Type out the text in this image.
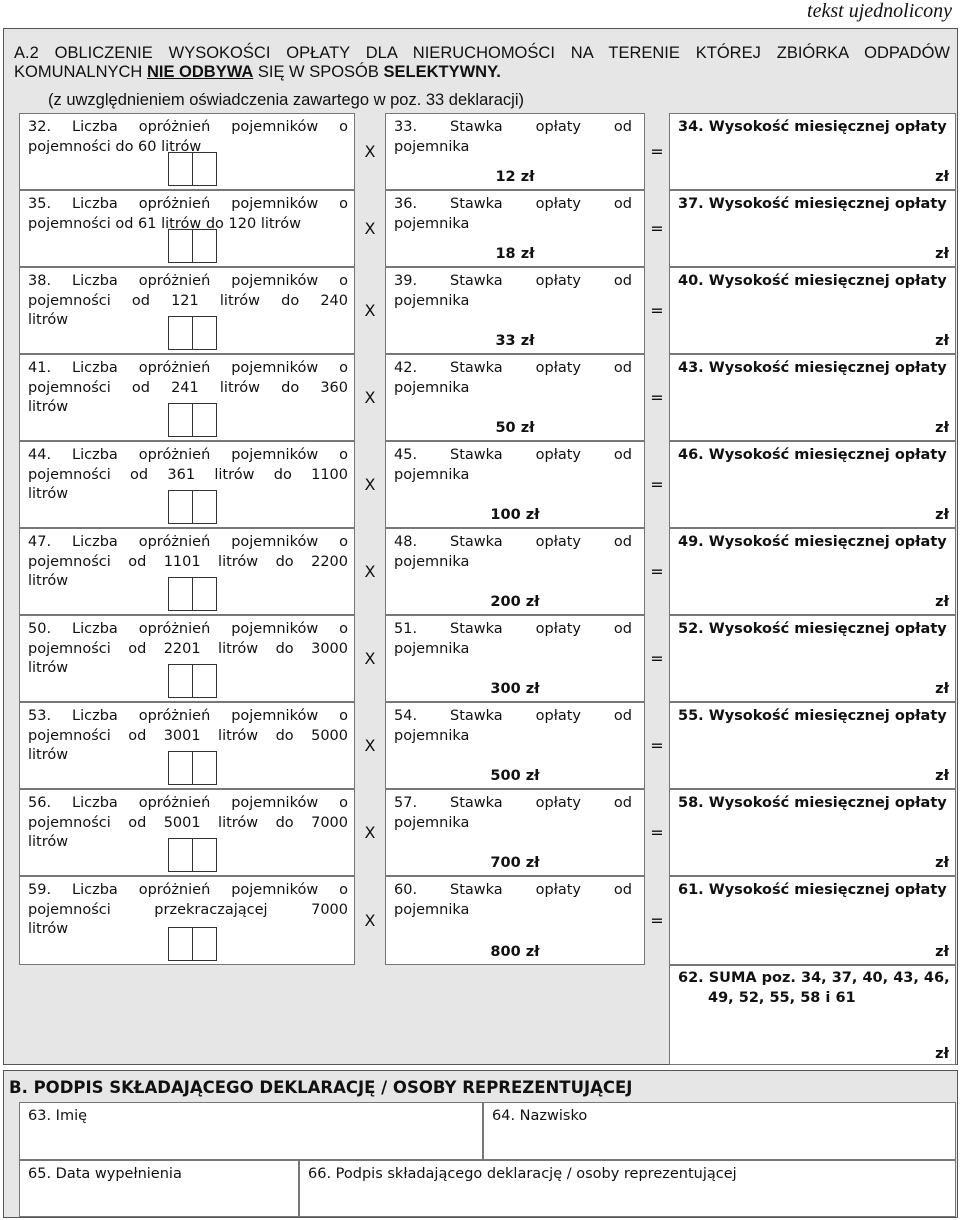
tekst ujednolicony
A.2 OBLICZENIE WYSOKOŚCI OPŁATY DLA NIERUCHOMOŚCI NA TERENIE KTÓREJ ZBIÓRKA ODPADÓW
KOMUNALNYCH NIE ODBYWA SIĘ W SPOSÓB SELEKTYWNY.
(z uwzględnieniem oświadczenia zawartego w poz. 33 deklaracji)
32. Liczba opróżnień pojemników o
pojemności do 60 litrów	X
33. Stawka opłaty od
pojemnika
12 zł
=
34. Wysokość miesięcznej opłaty
zł
35. Liczba opróżnień pojemników o
pojemności od 61 litrów do 120 litrów	X
36. Stawka opłaty od
pojemnika
18 zł
=
37. Wysokość miesięcznej opłaty
zł
38. Liczba opróżnień pojemników o
pojemności od 121 litrów do 240
litrów	X
39. Stawka opłaty od
pojemnika
33 zł
=
40. Wysokość miesięcznej opłaty
zł
41. Liczba opróżnień pojemników o
pojemności od 241 litrów do 360
litrów	X
42. Stawka opłaty od
pojemnika
50 zł
=
43. Wysokość miesięcznej opłaty
zł
44. Liczba opróżnień pojemników o
pojemności od 361 litrów do 1100
litrów	X
45. Stawka opłaty od
pojemnika
100 zł
=
46. Wysokość miesięcznej opłaty
zł
47. Liczba opróżnień pojemników o
pojemności od 1101 litrów do 2200
litrów	X
48. Stawka opłaty od
pojemnika
200 zł
=
49. Wysokość miesięcznej opłaty
zł
50. Liczba opróżnień pojemników o
pojemności od 2201 litrów do 3000
litrów	X
51. Stawka opłaty od
pojemnika
300 zł
=
52. Wysokość miesięcznej opłaty
zł
53. Liczba opróżnień pojemników o
pojemności od 3001 litrów do 5000
litrów	X
54. Stawka opłaty od
pojemnika
500 zł
=
55. Wysokość miesięcznej opłaty
zł
56. Liczba opróżnień pojemników o
pojemności od 5001 litrów do 7000
litrów	X
57. Stawka opłaty od
pojemnika
700 zł
=
58. Wysokość miesięcznej opłaty
zł
59. Liczba opróżnień pojemników o
pojemności przekraczającej 7000
litrów	X
60. Stawka opłaty od
pojemnika
800 zł
=
61. Wysokość miesięcznej opłaty
zł
62. SUMA poz. 34, 37, 40, 43, 46,
49, 52, 55, 58 i 61
zł
B. PODPIS SKŁADAJĄCEGO DEKLARACJĘ / OSOBY REPREZENTUJĄCEJ
63. Imię	64. Nazwisko
65. Data wypełnienia	66. Podpis składającego deklarację / osoby reprezentującej
